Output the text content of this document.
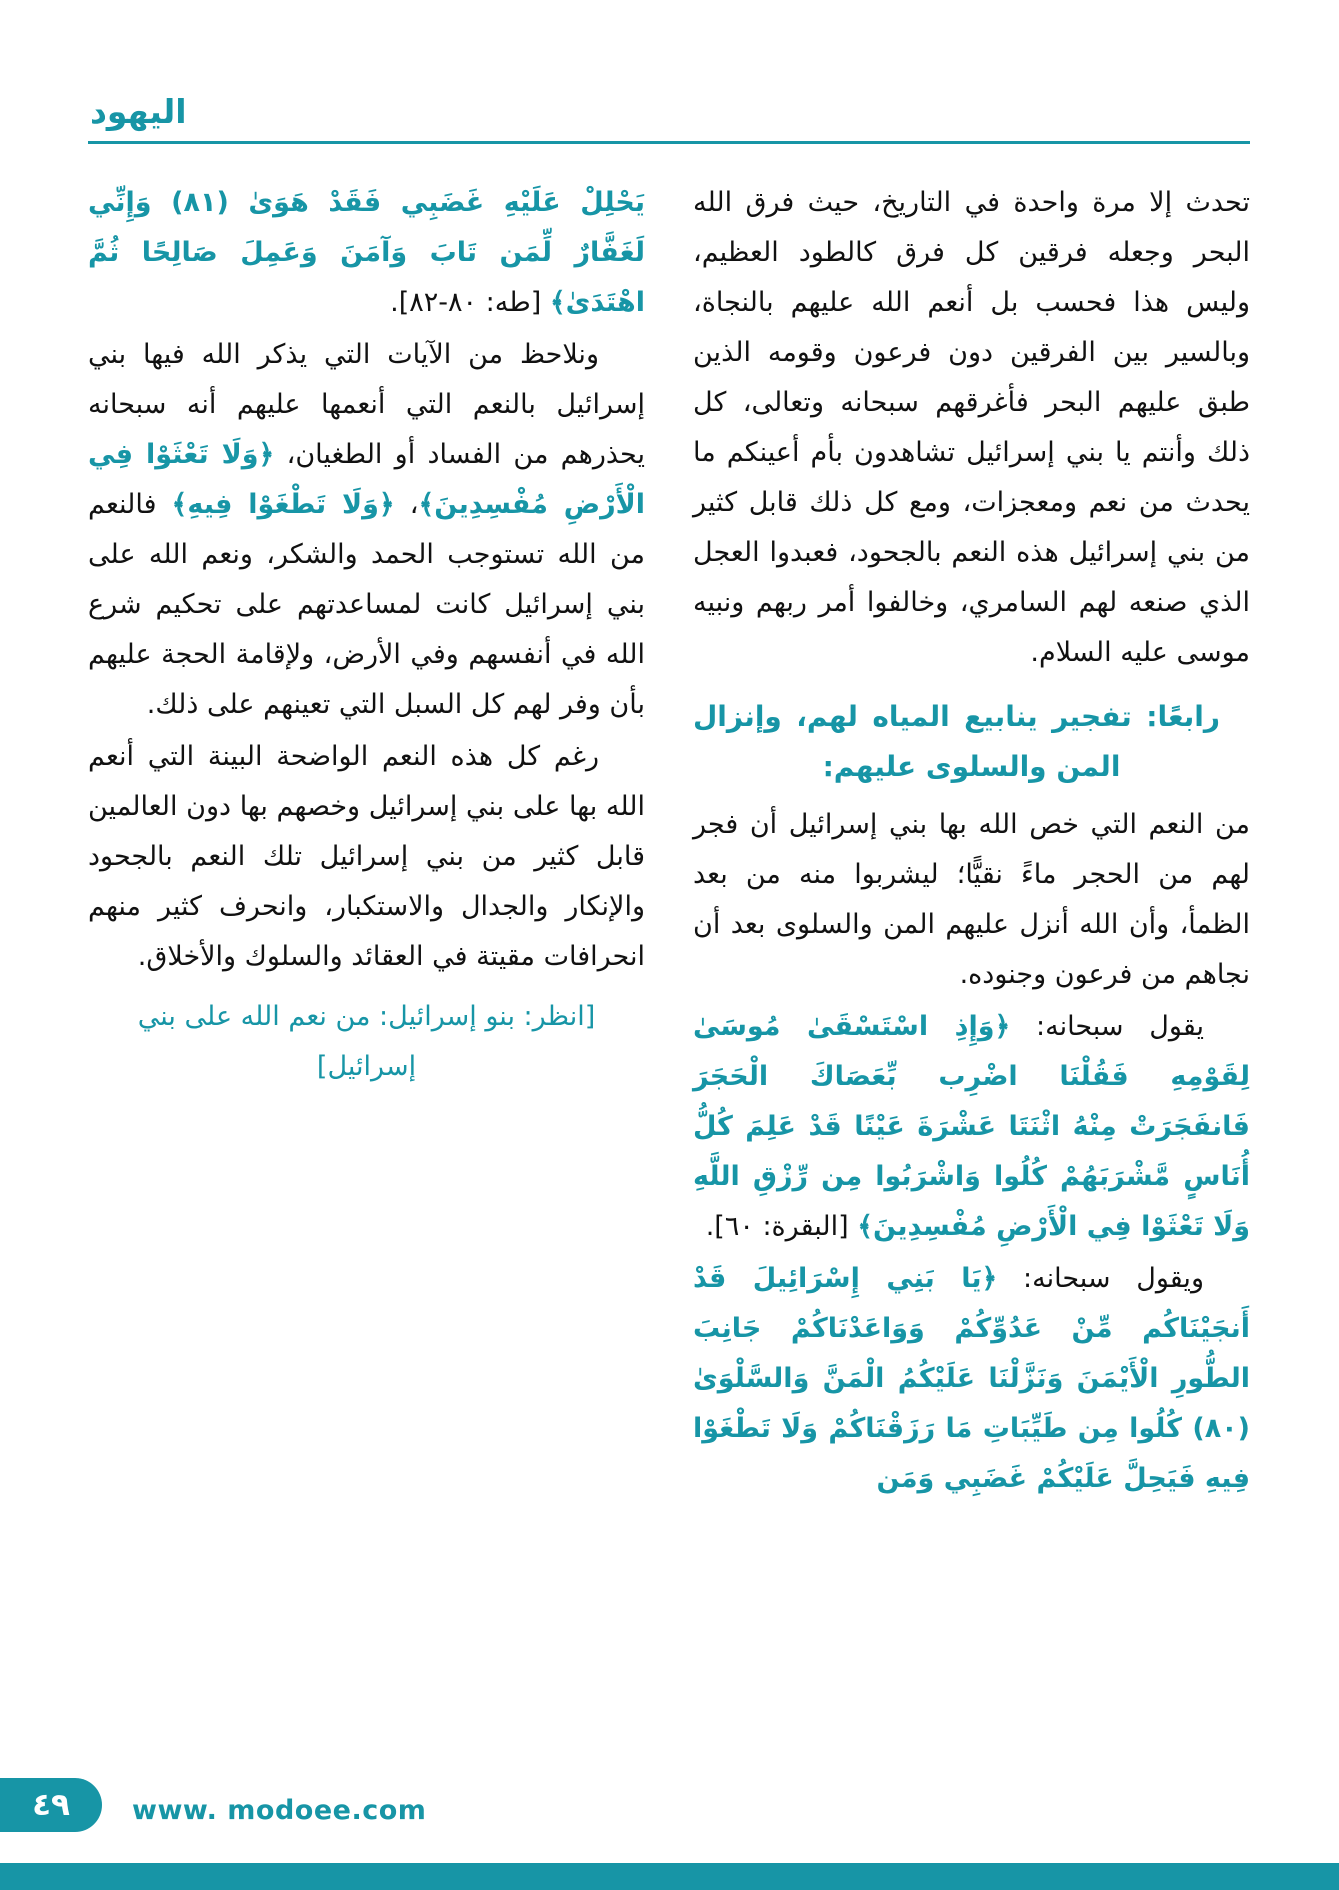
اليهود
تحدث إلا مرة واحدة في التاريخ، حيث فرق الله البحر وجعله فرقين كل فرق كالطود العظيم، وليس هذا فحسب بل أنعم الله عليهم بالنجاة، وبالسير بين الفرقين دون فرعون وقومه الذين طبق عليهم البحر فأغرقهم سبحانه وتعالى، كل ذلك وأنتم يا بني إسرائيل تشاهدون بأم أعينكم ما يحدث من نعم ومعجزات، ومع كل ذلك قابل كثير من بني إسرائيل هذه النعم بالجحود، فعبدوا العجل الذي صنعه لهم السامري، وخالفوا أمر ربهم ونبيه موسى عليه السلام.
رابعًا: تفجير ينابيع المياه لهم، وإنزال المن والسلوى عليهم:
من النعم التي خص الله بها بني إسرائيل أن فجر لهم من الحجر ماءً نقيًّا؛ ليشربوا منه من بعد الظمأ، وأن الله أنزل عليهم المن والسلوى بعد أن نجاهم من فرعون وجنوده.
يقول سبحانه: ﴿وَإِذِ اسْتَسْقَىٰ مُوسَىٰ لِقَوْمِهِ فَقُلْنَا اضْرِب بِّعَصَاكَ الْحَجَرَ فَانفَجَرَتْ مِنْهُ اثْنَتَا عَشْرَةَ عَيْنًا قَدْ عَلِمَ كُلُّ أُنَاسٍ مَّشْرَبَهُمْ كُلُوا وَاشْرَبُوا مِن رِّزْقِ اللَّهِ وَلَا تَعْثَوْا فِي الْأَرْضِ مُفْسِدِينَ﴾ [البقرة: ٦٠].
ويقول سبحانه: ﴿يَا بَنِي إِسْرَائِيلَ قَدْ أَنجَيْنَاكُم مِّنْ عَدُوِّكُمْ وَوَاعَدْنَاكُمْ جَانِبَ الطُّورِ الْأَيْمَنَ وَنَزَّلْنَا عَلَيْكُمُ الْمَنَّ وَالسَّلْوَىٰ (٨٠) كُلُوا مِن طَيِّبَاتِ مَا رَزَقْنَاكُمْ وَلَا تَطْغَوْا فِيهِ فَيَحِلَّ عَلَيْكُمْ غَضَبِي وَمَن
يَحْلِلْ عَلَيْهِ غَضَبِي فَقَدْ هَوَىٰ (٨١) وَإِنِّي لَغَفَّارٌ لِّمَن تَابَ وَآمَنَ وَعَمِلَ صَالِحًا ثُمَّ اهْتَدَىٰ﴾ [طه: ٨٠-٨٢].
ونلاحظ من الآيات التي يذكر الله فيها بني إسرائيل بالنعم التي أنعمها عليهم أنه سبحانه يحذرهم من الفساد أو الطغيان، ﴿وَلَا تَعْثَوْا فِي الْأَرْضِ مُفْسِدِينَ﴾، ﴿وَلَا تَطْغَوْا فِيهِ﴾ فالنعم من الله تستوجب الحمد والشكر، ونعم الله على بني إسرائيل كانت لمساعدتهم على تحكيم شرع الله في أنفسهم وفي الأرض، ولإقامة الحجة عليهم بأن وفر لهم كل السبل التي تعينهم على ذلك.
رغم كل هذه النعم الواضحة البينة التي أنعم الله بها على بني إسرائيل وخصهم بها دون العالمين قابل كثير من بني إسرائيل تلك النعم بالجحود والإنكار والجدال والاستكبار، وانحرف كثير منهم انحرافات مقيتة في العقائد والسلوك والأخلاق.
[انظر: بنو إسرائيل: من نعم الله على بني إسرائيل]
٤٩ www. modoee.com
